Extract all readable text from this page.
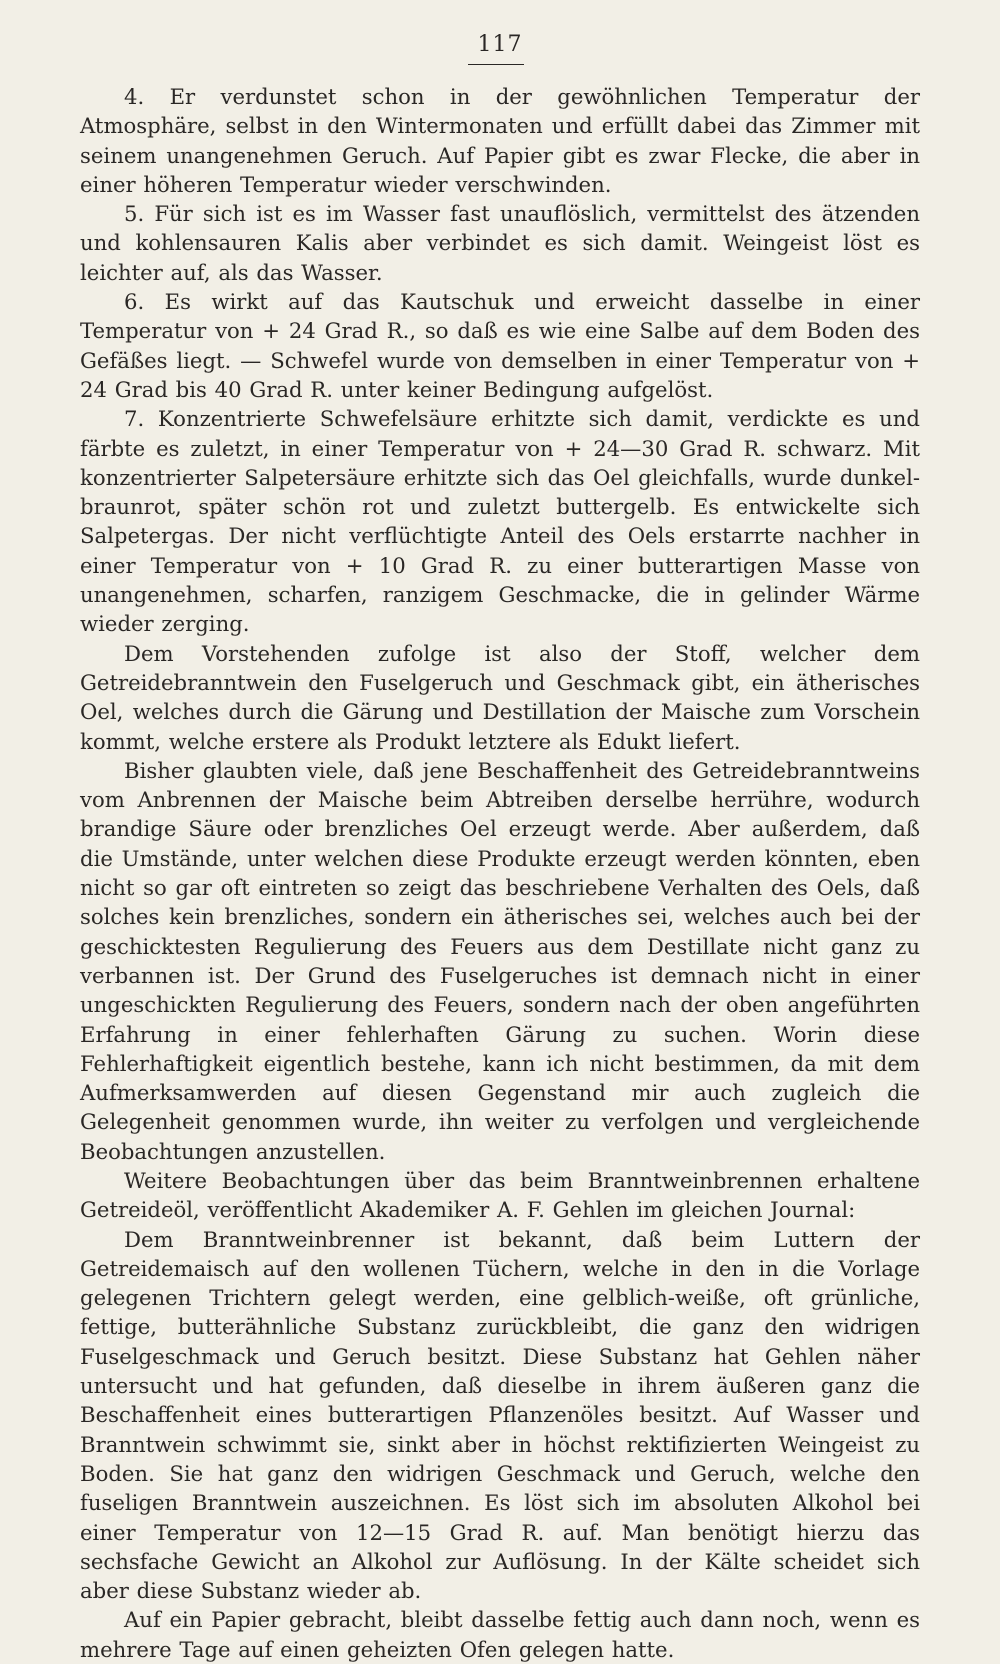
117

4. Er verdunstet schon in der gewöhnlichen Temperatur der Atmosphäre, selbst in den Wintermonaten und erfüllt dabei das Zimmer mit seinem unangenehmen Geruch. Auf Papier gibt es zwar Flecke, die aber in einer höheren Temperatur wieder verschwinden.

5. Für sich ist es im Wasser fast unauflöslich, vermittelst des ätzenden und kohlensauren Kalis aber verbindet es sich damit. Weingeist löst es leichter auf, als das Wasser.

6. Es wirkt auf das Kautschuk und erweicht dasselbe in einer Temperatur von + 24 Grad R., so daß es wie eine Salbe auf dem Boden des Gefäßes liegt. — Schwefel wurde von demselben in einer Temperatur von + 24 Grad bis 40 Grad R. unter keiner Bedingung aufgelöst.

7. Konzentrierte Schwefelsäure erhitzte sich damit, verdickte es und färbte es zuletzt, in einer Temperatur von + 24—30 Grad R. schwarz. Mit konzentrierter Salpetersäure erhitzte sich das Oel gleichfalls, wurde dunkel-braunrot, später schön rot und zuletzt buttergelb. Es entwickelte sich Salpetergas. Der nicht verflüchtigte Anteil des Oels erstarrte nachher in einer Temperatur von + 10 Grad R. zu einer butterartigen Masse von unangenehmen, scharfen, ranzigem Geschmacke, die in gelinder Wärme wieder zerging.

Dem Vorstehenden zufolge ist also der Stoff, welcher dem Getreidebranntwein den Fuselgeruch und Geschmack gibt, ein ätherisches Oel, welches durch die Gärung und Destillation der Maische zum Vorschein kommt, welche erstere als Produkt letztere als Edukt liefert.

Bisher glaubten viele, daß jene Beschaffenheit des Getreidebranntweins vom Anbrennen der Maische beim Abtreiben derselbe herrühre, wodurch brandige Säure oder brenzliches Oel erzeugt werde. Aber außerdem, daß die Umstände, unter welchen diese Produkte erzeugt werden könnten, eben nicht so gar oft eintreten so zeigt das beschriebene Verhalten des Oels, daß solches kein brenzliches, sondern ein ätherisches sei, welches auch bei der geschicktesten Regulierung des Feuers aus dem Destillate nicht ganz zu verbannen ist. Der Grund des Fuselgeruches ist demnach nicht in einer ungeschickten Regulierung des Feuers, sondern nach der oben angeführten Erfahrung in einer fehlerhaften Gärung zu suchen. Worin diese Fehlerhaftigkeit eigentlich bestehe, kann ich nicht bestimmen, da mit dem Aufmerksamwerden auf diesen Gegenstand mir auch zugleich die Gelegenheit genommen wurde, ihn weiter zu verfolgen und vergleichende Beobachtungen anzustellen.

Weitere Beobachtungen über das beim Branntweinbrennen erhaltene Getreideöl, veröffentlicht Akademiker A. F. Gehlen im gleichen Journal:

Dem Branntweinbrenner ist bekannt, daß beim Luttern der Getreidemaisch auf den wollenen Tüchern, welche in den in die Vorlage gelegenen Trichtern gelegt werden, eine gelblich-weiße, oft grünliche, fettige, butterähnliche Substanz zurückbleibt, die ganz den widrigen Fuselgeschmack und Geruch besitzt. Diese Substanz hat Gehlen näher untersucht und hat gefunden, daß dieselbe in ihrem äußeren ganz die Beschaffenheit eines butterartigen Pflanzenöles besitzt. Auf Wasser und Branntwein schwimmt sie, sinkt aber in höchst rektifizierten Weingeist zu Boden. Sie hat ganz den widrigen Geschmack und Geruch, welche den fuseligen Branntwein auszeichnen. Es löst sich im absoluten Alkohol bei einer Temperatur von 12—15 Grad R. auf. Man benötigt hierzu das sechsfache Gewicht an Alkohol zur Auflösung. In der Kälte scheidet sich aber diese Substanz wieder ab.

Auf ein Papier gebracht, bleibt dasselbe fettig auch dann noch, wenn es mehrere Tage auf einen geheizten Ofen gelegen hatte.
